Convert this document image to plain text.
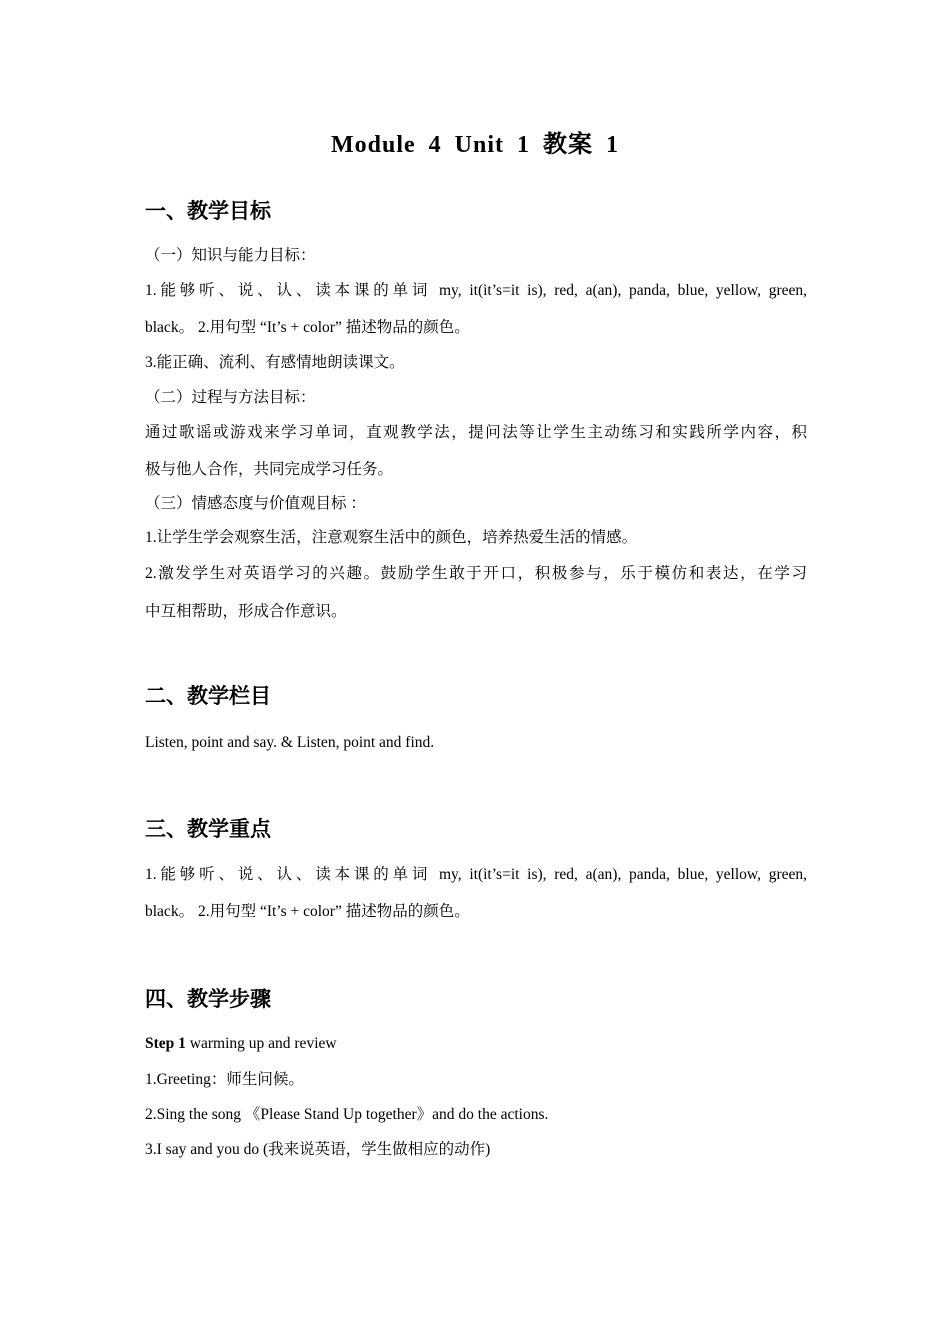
Module 4 Unit 1 教案 1
一、教学目标

（一）知识与能力目标：

1.能够听、说、认、读本课的单词 my, it(it’s=it is), red, a(an), panda, blue, yellow, green,

black。 2.用句型 “It’s + color” 描述物品的颜色。

3.能正确、流利、有感情地朗读课文。

（二）过程与方法目标：

通过歌谣或游戏来学习单词，直观教学法，提问法等让学生主动练习和实践所学内容，积

极与他人合作，共同完成学习任务。

（三）情感态度与价值观目标 ：

1.让学生学会观察生活，注意观察生活中的颜色，培养热爱生活的情感。

2.激发学生对英语学习的兴趣。鼓励学生敢于开口，积极参与，乐于模仿和表达，在学习

中互相帮助，形成合作意识。

二、教学栏目

Listen, point and say. & Listen, point and find.

三、教学重点

1.能够听、说、认、读本课的单词 my, it(it’s=it is), red, a(an), panda, blue, yellow, green,

black。 2.用句型 “It’s + color” 描述物品的颜色。

四、教学步骤

Step 1 warming up and review

1.Greeting：师生问候。

2.Sing the song 《Please Stand Up together》and do the actions.

3.I say and you do (我来说英语，学生做相应的动作)
